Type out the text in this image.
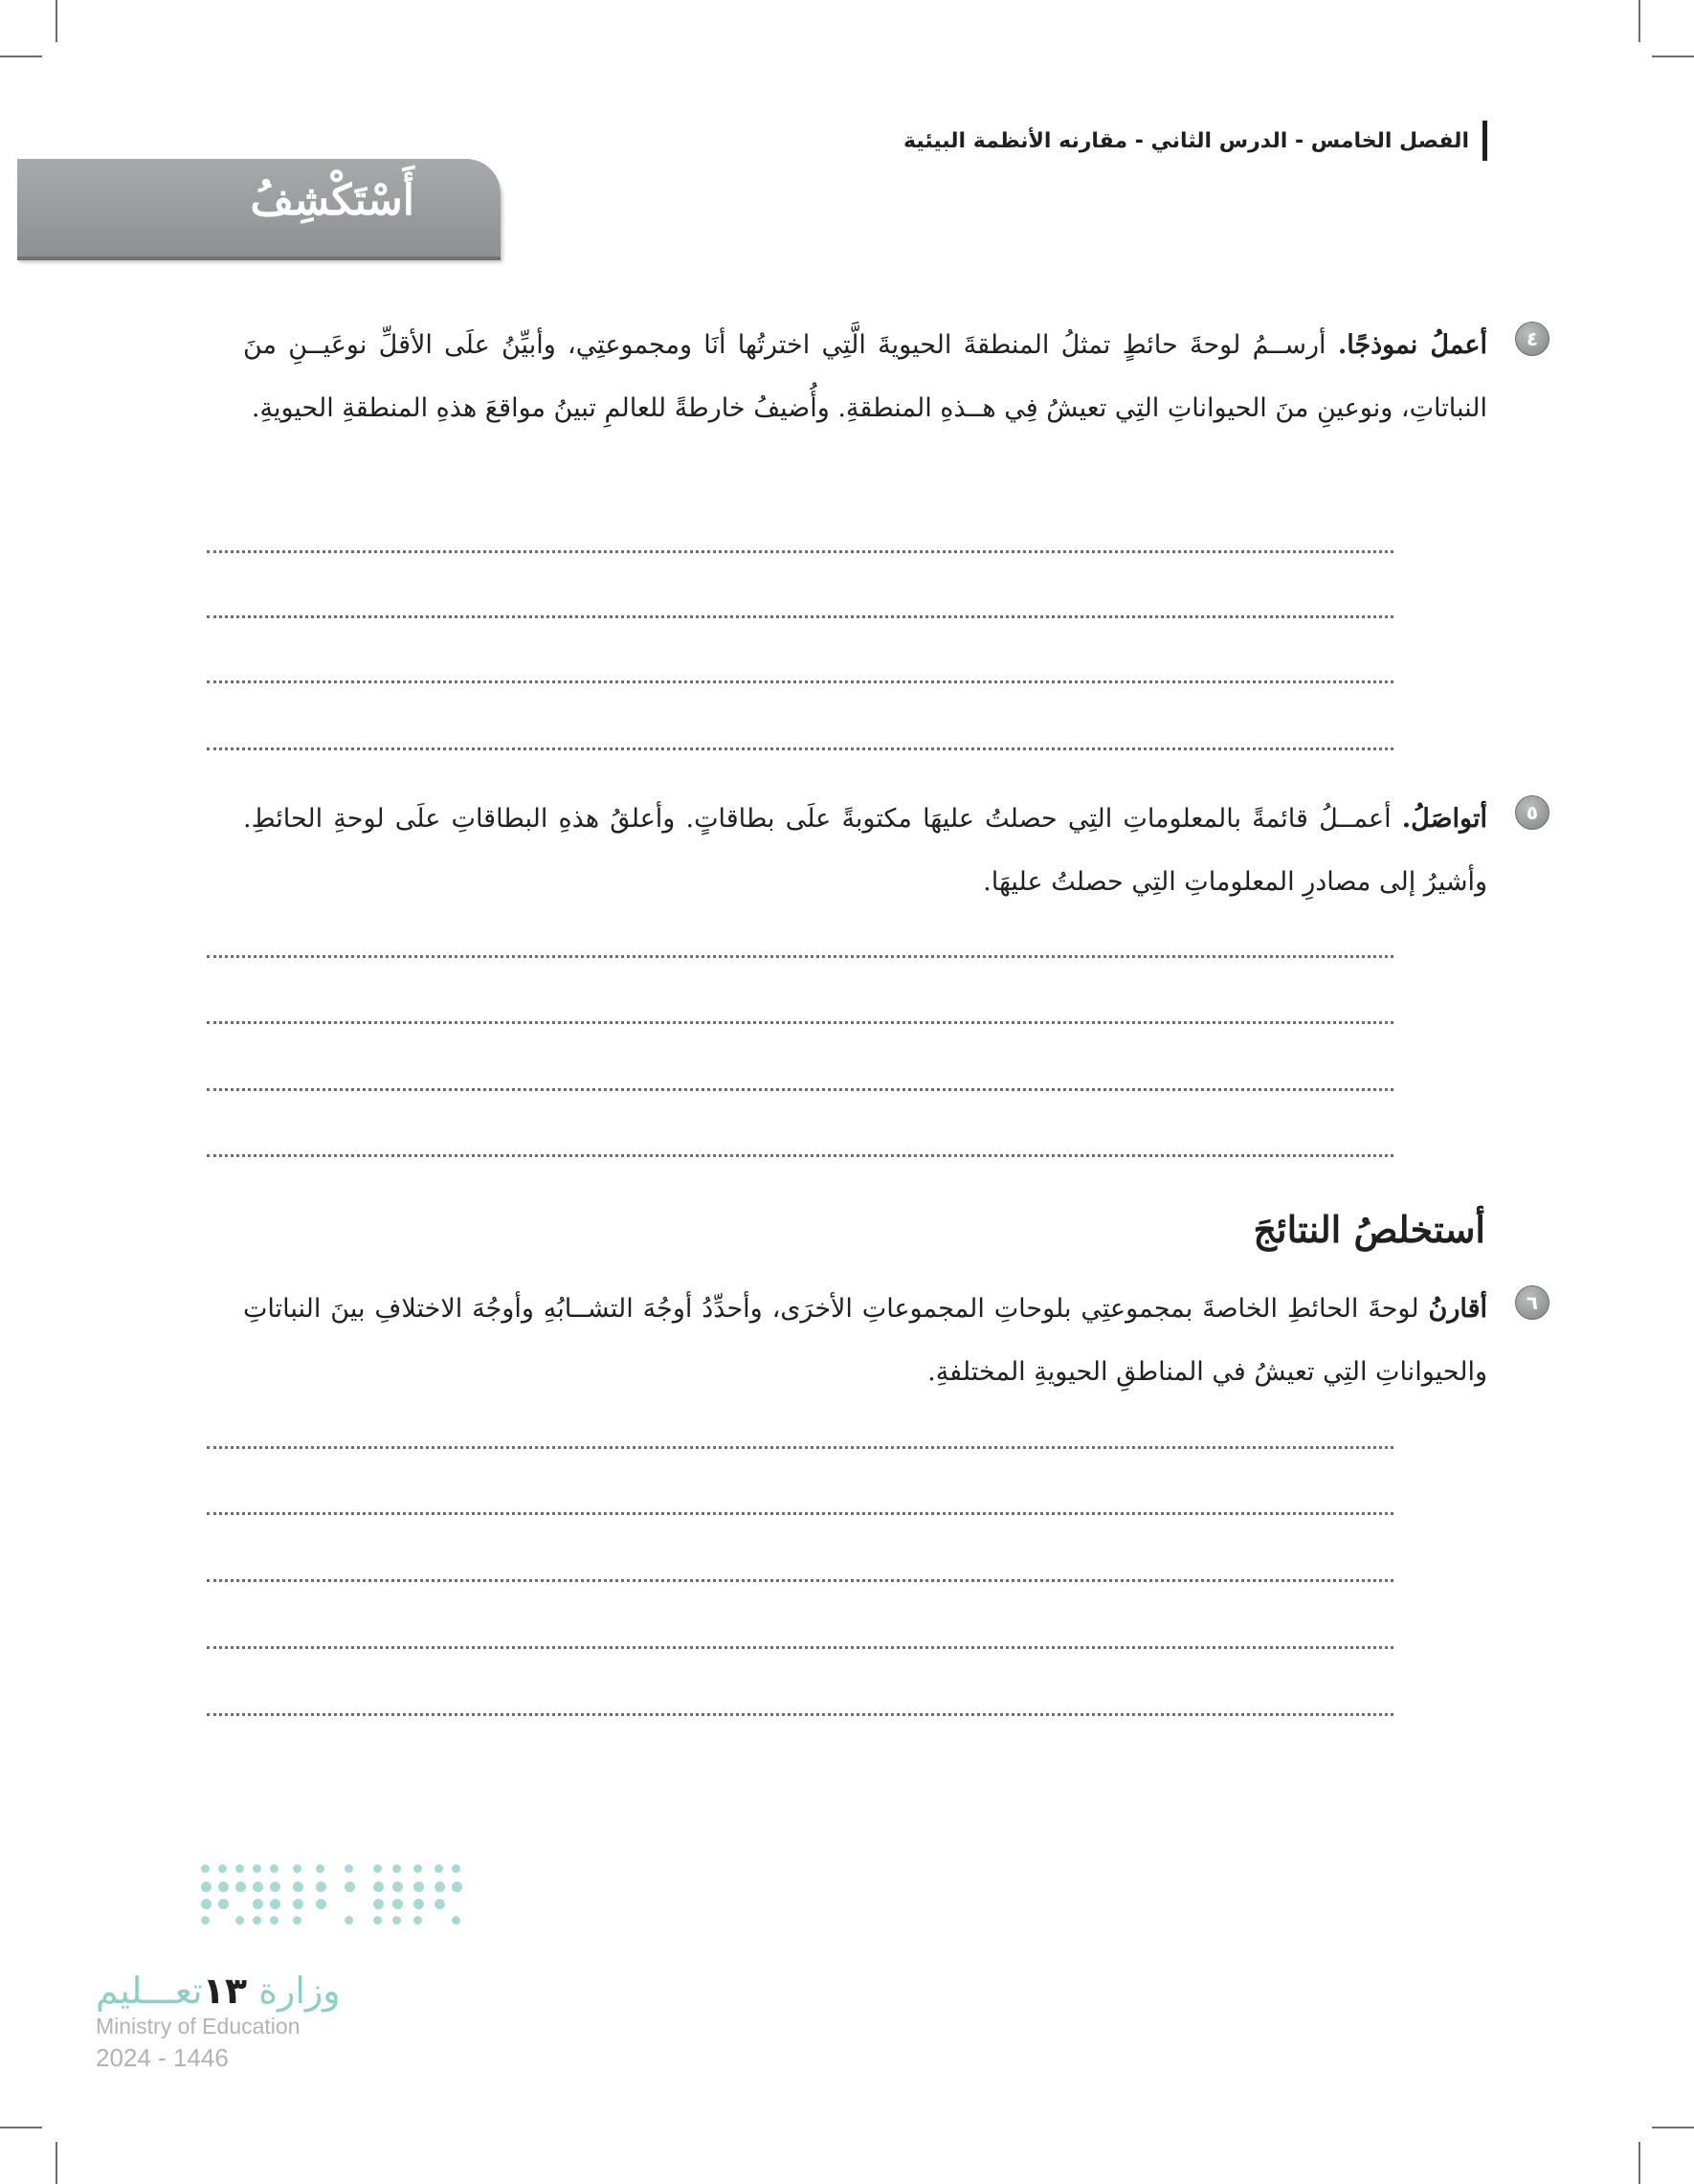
الفصل الخامس - الدرس الثاني - مقارنه الأنظمة البيئية
أَسْتَكْشِفُ
٤

أعملُ نموذجًا. أرســمُ لوحةَ حائطٍ تمثلُ المنطقةَ الحيويةَ الَّتِي اخترتُها أنَا ومجموعتِي، وأبيِّنُ علَى الأقلِّ نوعَيــنِ منَ النباتاتِ، ونوعينِ منَ الحيواناتِ التِي تعيشُ فِي هــذهِ المنطقةِ. وأُضيفُ خارطةً للعالمِ تبينُ مواقعَ هذهِ المنطقةِ الحيويةِ.

٥

أتواصَلُ. أعمــلُ قائمةً بالمعلوماتِ التِي حصلتُ عليهَا مكتوبةً علَى بطاقاتٍ. وأعلقُ هذهِ البطاقاتِ علَى لوحةِ الحائطِ. وأشيرُ إلى مصادرِ المعلوماتِ التِي حصلتُ عليهَا.

أستخلصُ النتائجَ
٦

أقارنُ لوحةَ الحائطِ الخاصةَ بمجموعتِي بلوحاتِ المجموعاتِ الأخرَى، وأحدِّدُ أوجُهَ التشــابُهِ وأوجُهَ الاختلافِ بينَ النباتاتِ والحيواناتِ التِي تعيشُ في المناطقِ الحيويةِ المختلفةِ.

وزارة ١٣تعـــليم
Ministry of Education
2024 - 1446
